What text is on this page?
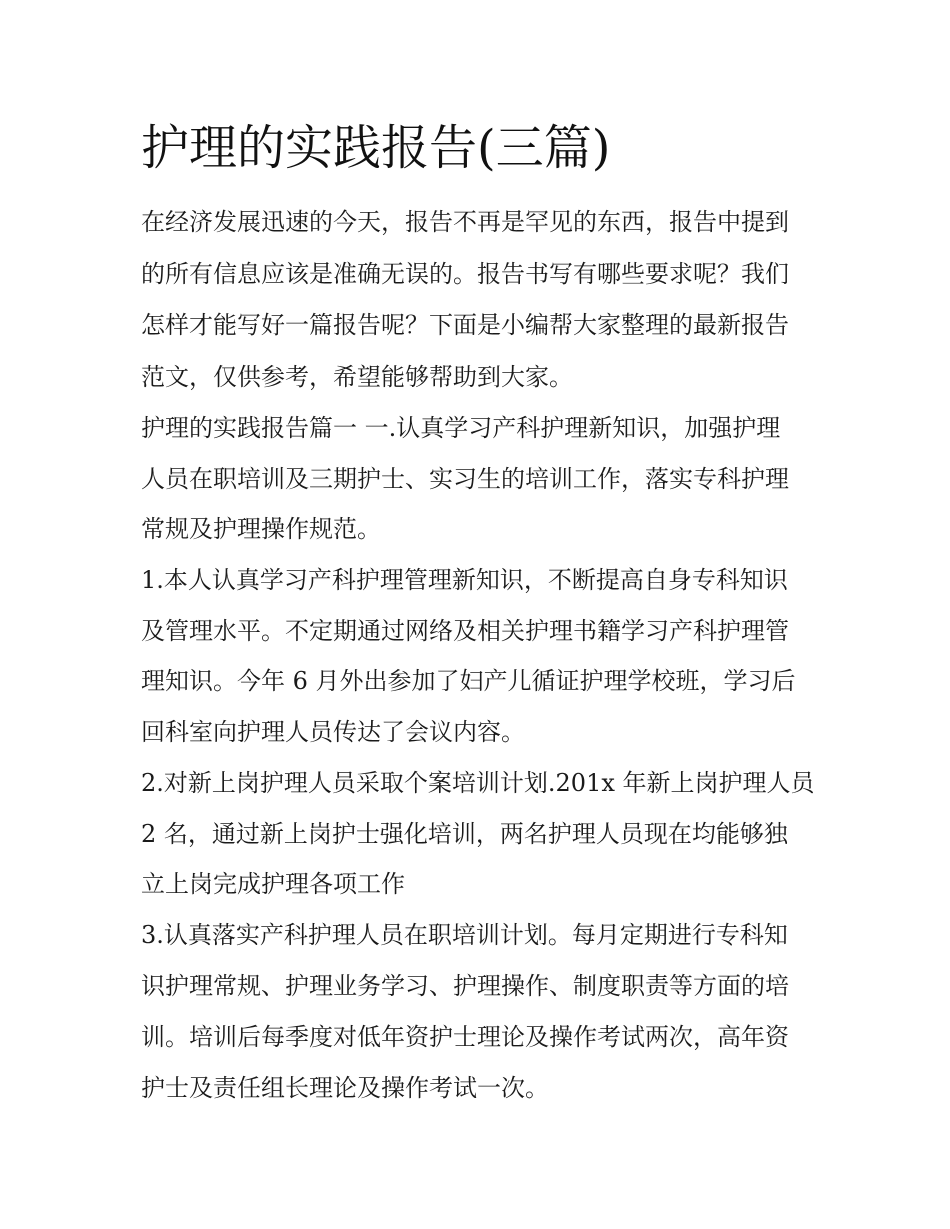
护理的实践报告(三篇)

在经济发展迅速的今天，报告不再是罕见的东西，报告中提到

的所有信息应该是准确无误的。报告书写有哪些要求呢？我们

怎样才能写好一篇报告呢？下面是小编帮大家整理的最新报告

范文，仅供参考，希望能够帮助到大家。

护理的实践报告篇一 一.认真学习产科护理新知识，加强护理

人员在职培训及三期护士、实习生的培训工作，落实专科护理

常规及护理操作规范。

1.本人认真学习产科护理管理新知识，不断提高自身专科知识

及管理水平。不定期通过网络及相关护理书籍学习产科护理管

理知识。今年 6 月外出参加了妇产儿循证护理学校班，学习后

回科室向护理人员传达了会议内容。

2.对新上岗护理人员采取个案培训计划.201x 年新上岗护理人员

2 名，通过新上岗护士强化培训，两名护理人员现在均能够独

立上岗完成护理各项工作

3.认真落实产科护理人员在职培训计划。每月定期进行专科知

识护理常规、护理业务学习、护理操作、制度职责等方面的培

训。培训后每季度对低年资护士理论及操作考试两次，高年资

护士及责任组长理论及操作考试一次。
